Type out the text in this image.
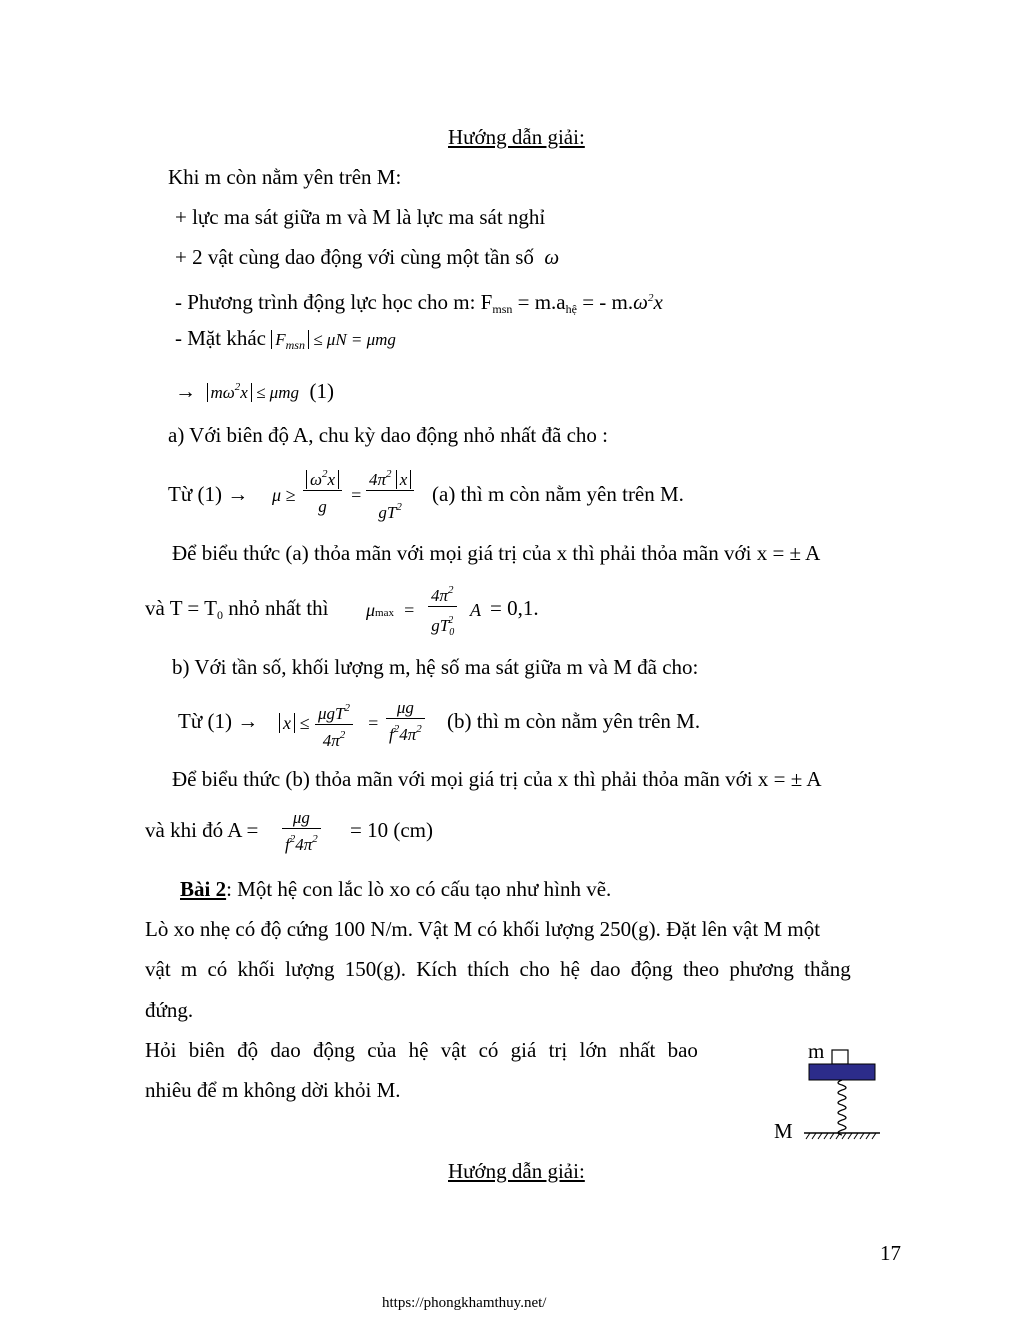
Hướng dẫn giải:
Khi m còn nằm yên trên M:
+ lực ma sát giữa m và M là lực ma sát nghỉ
+ 2 vật cùng dao động với cùng một tần số ω
- Phương trình động lực học cho m: $F_{msn} = m.a_{hệ}$ = - $m.\omega^2x$
- Mặt khác $F_{msn} \le \mu N = \mu mg$
→  $m\omega^2x \le \mu mg$ (1)
a) Với biên độ A, chu kỳ dao động nhỏ nhất đã cho :
Từ $(1) \to \mu \ge \frac{\omega^2x}{g} = \frac{4\pi^2 x}{gT^2} (a)$ thì m còn nằm yên trên M.
Để biểu thức (a) thỏa mãn với mọi giá trị của x thì phải thỏa mãn với x = ± A
và $T = T_0$ nhỏ nhất thì $\mu\max = \frac{4\pi^2}{gT_0^2}$ A = 0,1.
b) Với tần số, khối lượng m, hệ số ma sát giữa m và M đã cho:
Từ (1) → x ≤ μgT$^2$
$4\pi^2$
= $\frac{\mu g}{f^24\pi^2} (b)$ thì m còn nằm yên trên M.
Để biểu thức (b) thỏa mãn với mọi giá trị của x thì phải thỏa mãn với x = ± A
và khi đó $A = \frac{\mu g}{f^24\pi^2} = 10$ (cm)
Bài 2: Một hệ con lắc lò xo có cấu tạo như hình vẽ.
Lò xo nhẹ có độ cứng 100 N/m. Vật M có khối lượng 250(g). Đặt lên vật M một
vật m có khối lượng 150(g). Kích thích cho hệ dao động theo phương thẳng
đứng.
Hỏi biên độ dao động của hệ vật có giá trị lớn nhất bao
nhiêu để m không dời khỏi M.
m
M
Hướng dẫn giải:
17
https://phongkhamthuy.net/
